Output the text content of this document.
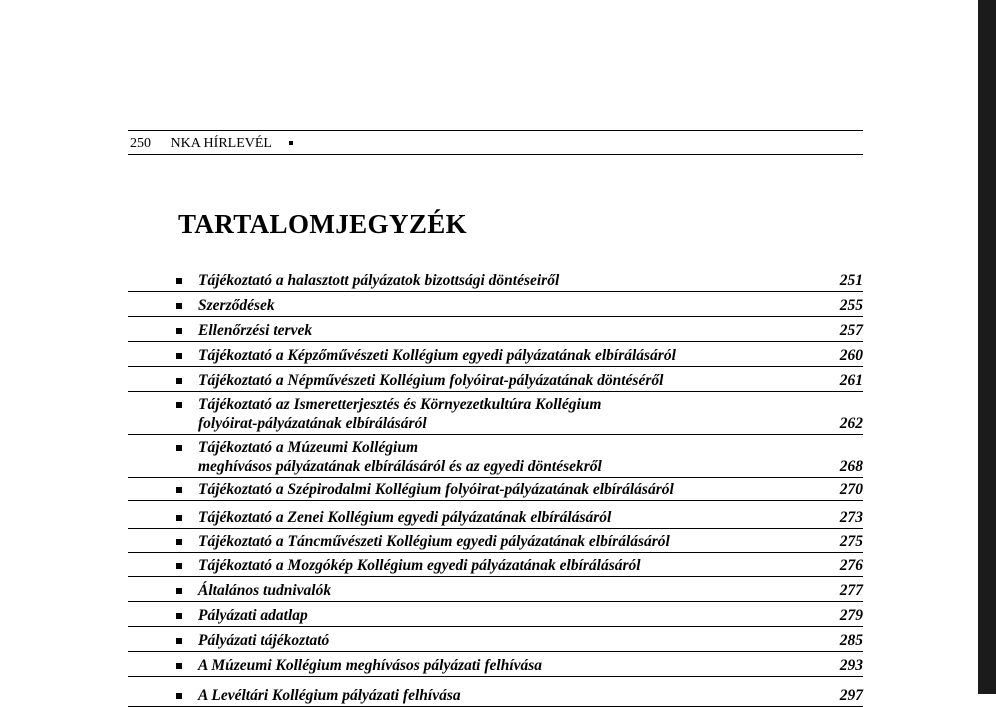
250 NKA HÍRLEVÉL
TARTALOMJEGYZÉK
Tájékoztató a halasztott pályázatok bizottsági döntéseiről	251
Szerződések	255
Ellenőrzési tervek	257
Tájékoztató a Képzőművészeti Kollégium egyedi pályázatának elbírálásáról	260
Tájékoztató a Népművészeti Kollégium folyóirat-pályázatának döntéséről	261
Tájékoztató az Ismeretterjesztés és Környezetkultúra Kollégium
folyóirat-pályázatának elbírálásáról	262
Tájékoztató a Múzeumi Kollégium
meghívásos pályázatának elbírálásáról és az egyedi döntésekről	268
Tájékoztató a Szépirodalmi Kollégium folyóirat-pályázatának elbírálásáról	270
Tájékoztató a Zenei Kollégium egyedi pályázatának elbírálásáról	273
Tájékoztató a Táncművészeti Kollégium egyedi pályázatának elbírálásáról	275
Tájékoztató a Mozgókép Kollégium egyedi pályázatának elbírálásáról	276
Általános tudnivalók	277
Pályázati adatlap	279
Pályázati tájékoztató	285
A Múzeumi Kollégium meghívásos pályázati felhívása	293
A Levéltári Kollégium pályázati felhívása	297
